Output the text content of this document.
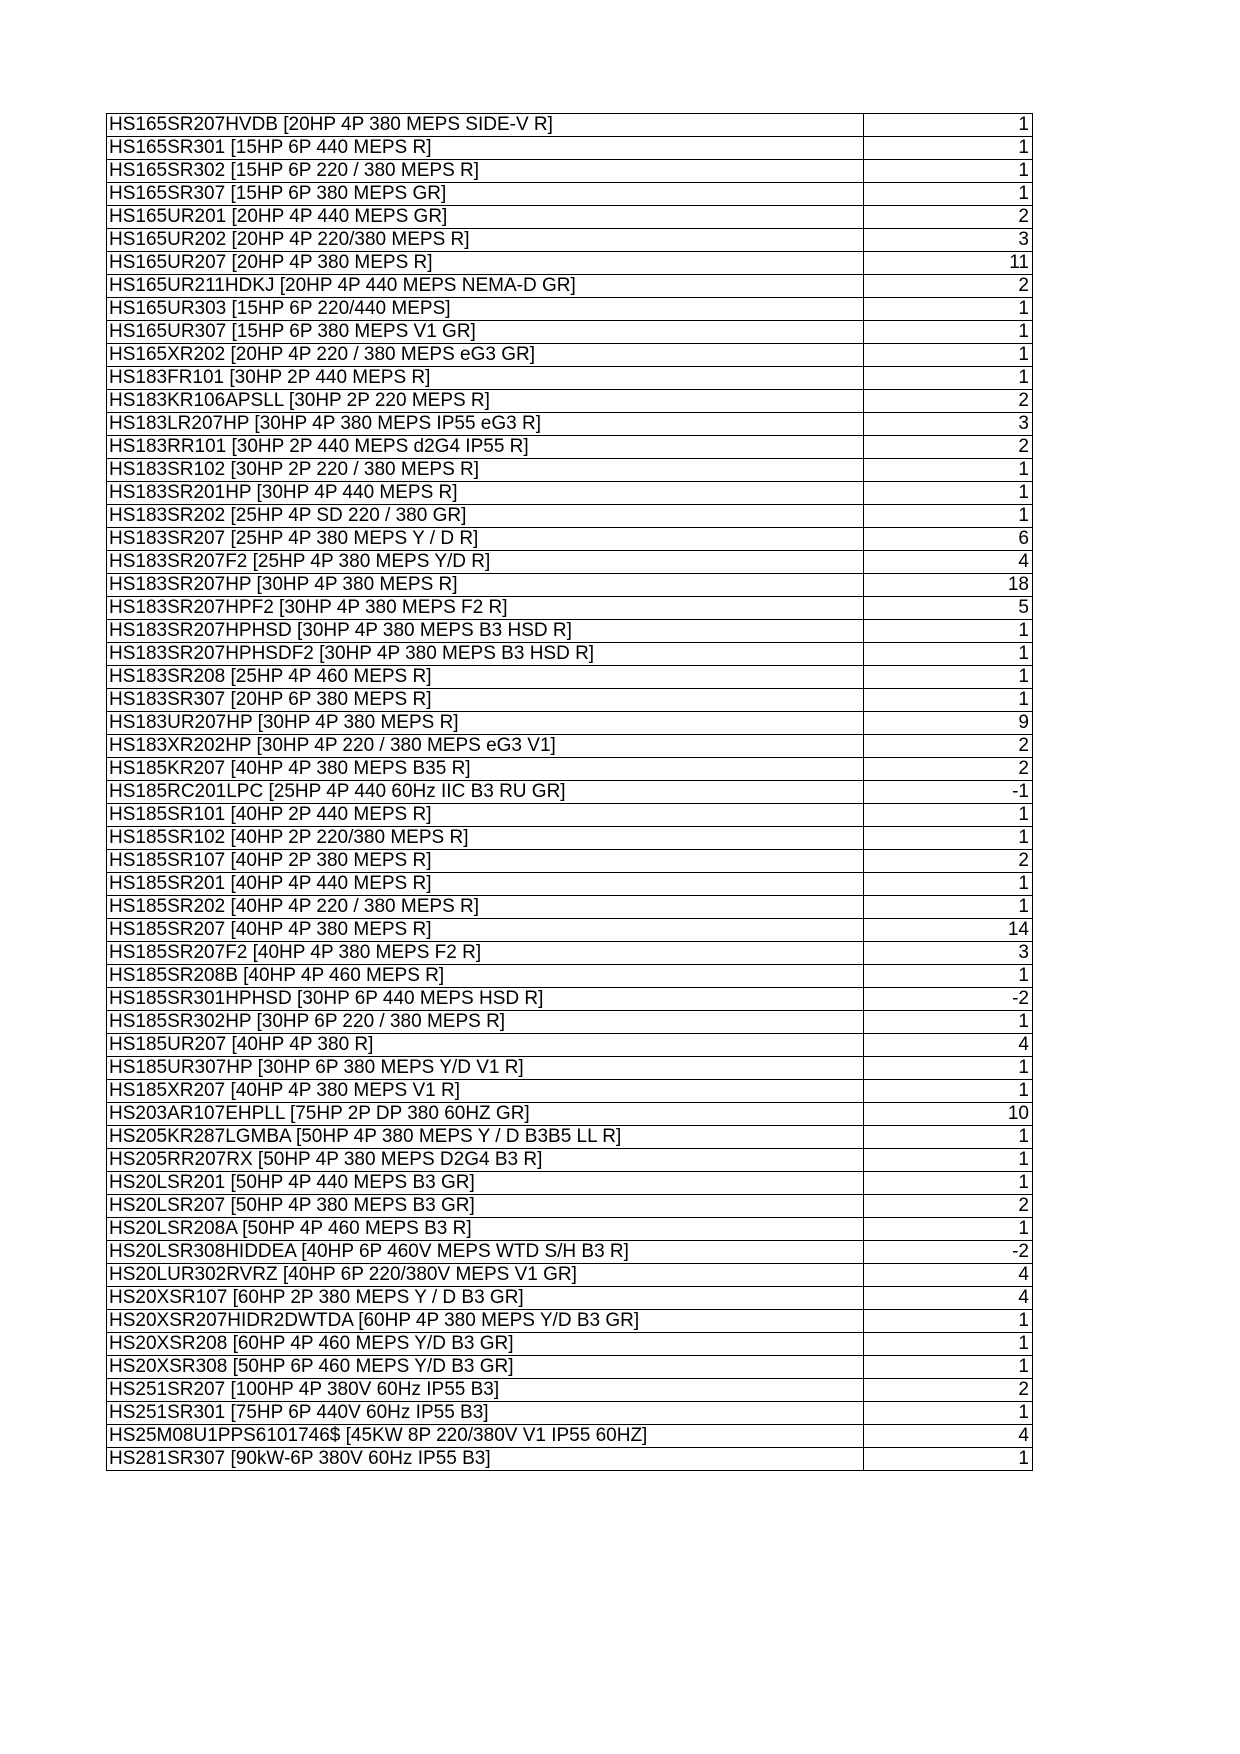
HS165SR207HVDB [20HP 4P 380 MEPS SIDE-V R]	1
HS165SR301 [15HP 6P 440 MEPS R]	1
HS165SR302 [15HP 6P 220 / 380 MEPS R]	1
HS165SR307 [15HP 6P 380 MEPS GR]	1
HS165UR201 [20HP 4P 440 MEPS GR]	2
HS165UR202 [20HP 4P 220/380 MEPS R]	3
HS165UR207 [20HP 4P 380 MEPS R]	11
HS165UR211HDKJ [20HP 4P 440 MEPS NEMA-D GR]	2
HS165UR303 [15HP 6P 220/440 MEPS]	1
HS165UR307 [15HP 6P 380 MEPS V1 GR]	1
HS165XR202 [20HP 4P 220 / 380 MEPS eG3 GR]	1
HS183FR101 [30HP 2P 440 MEPS R]	1
HS183KR106APSLL [30HP 2P 220 MEPS R]	2
HS183LR207HP [30HP 4P 380 MEPS IP55 eG3 R]	3
HS183RR101 [30HP 2P 440 MEPS d2G4 IP55 R]	2
HS183SR102 [30HP 2P 220 / 380 MEPS R]	1
HS183SR201HP [30HP 4P 440 MEPS R]	1
HS183SR202 [25HP 4P SD 220 / 380 GR]	1
HS183SR207 [25HP 4P 380 MEPS Y / D R]	6
HS183SR207F2 [25HP 4P 380 MEPS Y/D R]	4
HS183SR207HP [30HP 4P 380 MEPS R]	18
HS183SR207HPF2 [30HP 4P 380 MEPS F2 R]	5
HS183SR207HPHSD [30HP 4P 380 MEPS B3 HSD R]	1
HS183SR207HPHSDF2 [30HP 4P 380 MEPS B3 HSD R]	1
HS183SR208 [25HP 4P 460 MEPS R]	1
HS183SR307 [20HP 6P 380 MEPS R]	1
HS183UR207HP [30HP 4P 380 MEPS R]	9
HS183XR202HP [30HP 4P 220 / 380 MEPS eG3 V1]	2
HS185KR207 [40HP 4P 380 MEPS B35 R]	2
HS185RC201LPC [25HP 4P 440 60Hz IIC B3 RU GR]	-1
HS185SR101 [40HP 2P 440 MEPS R]	1
HS185SR102 [40HP 2P 220/380 MEPS R]	1
HS185SR107 [40HP 2P 380 MEPS R]	2
HS185SR201 [40HP 4P 440 MEPS R]	1
HS185SR202 [40HP 4P 220 / 380 MEPS R]	1
HS185SR207 [40HP 4P 380 MEPS R]	14
HS185SR207F2 [40HP 4P 380 MEPS F2 R]	3
HS185SR208B [40HP 4P 460 MEPS R]	1
HS185SR301HPHSD [30HP 6P 440 MEPS HSD R]	-2
HS185SR302HP [30HP 6P 220 / 380 MEPS R]	1
HS185UR207 [40HP 4P 380 R]	4
HS185UR307HP [30HP 6P 380 MEPS Y/D V1 R]	1
HS185XR207 [40HP 4P 380 MEPS V1 R]	1
HS203AR107EHPLL [75HP 2P DP 380 60HZ GR]	10
HS205KR287LGMBA [50HP 4P 380 MEPS Y / D B3B5 LL R]	1
HS205RR207RX [50HP 4P 380 MEPS D2G4 B3 R]	1
HS20LSR201 [50HP 4P 440 MEPS B3 GR]	1
HS20LSR207 [50HP 4P 380 MEPS B3 GR]	2
HS20LSR208A [50HP 4P 460 MEPS B3 R]	1
HS20LSR308HIDDEA [40HP 6P 460V MEPS WTD S/H B3 R]	-2
HS20LUR302RVRZ [40HP 6P 220/380V MEPS V1 GR]	4
HS20XSR107 [60HP 2P 380 MEPS Y / D B3 GR]	4
HS20XSR207HIDR2DWTDA [60HP 4P 380 MEPS Y/D B3 GR]	1
HS20XSR208 [60HP 4P 460 MEPS Y/D B3 GR]	1
HS20XSR308 [50HP 6P 460 MEPS Y/D B3 GR]	1
HS251SR207 [100HP 4P 380V 60Hz IP55 B3]	2
HS251SR301 [75HP 6P 440V 60Hz IP55 B3]	1
HS25M08U1PPS6101746$ [45KW 8P 220/380V V1 IP55 60HZ]	4
HS281SR307 [90kW-6P 380V 60Hz IP55 B3]	1
